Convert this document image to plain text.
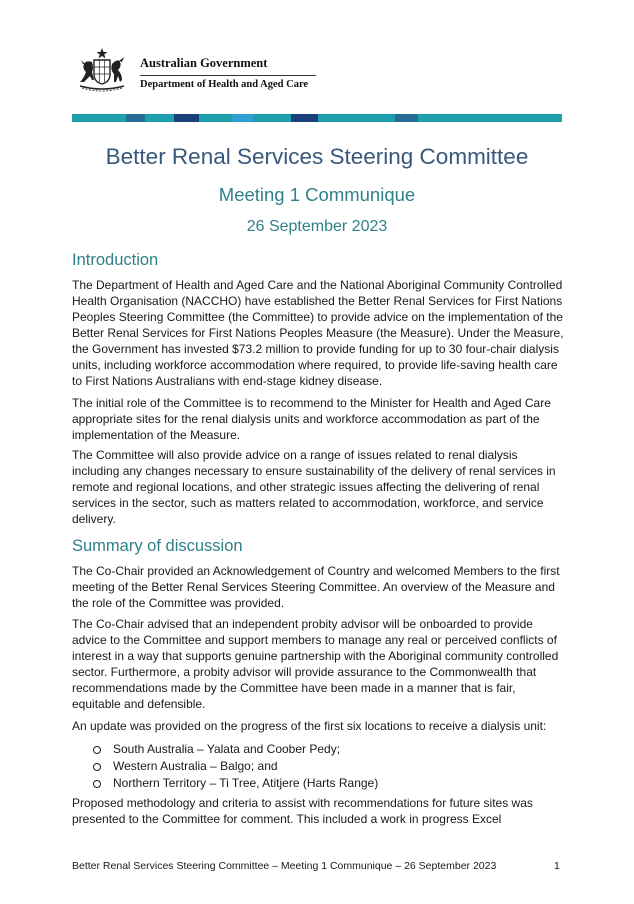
Australian Government
Department of Health and Aged Care
Better Renal Services Steering Committee
Meeting 1 Communique
26 September 2023
Introduction

The Department of Health and Aged Care and the National Aboriginal Community Controlled
Health Organisation (NACCHO) have established the Better Renal Services for First Nations
Peoples Steering Committee (the Committee) to provide advice on the implementation of the
Better Renal Services for First Nations Peoples Measure (the Measure). Under the Measure,
the Government has invested $73.2 million to provide funding for up to 30 four-chair dialysis
units, including workforce accommodation where required, to provide life-saving health care
to First Nations Australians with end-stage kidney disease.

The initial role of the Committee is to recommend to the Minister for Health and Aged Care
appropriate sites for the renal dialysis units and workforce accommodation as part of the
implementation of the Measure.

The Committee will also provide advice on a range of issues related to renal dialysis
including any changes necessary to ensure sustainability of the delivery of renal services in
remote and regional locations, and other strategic issues affecting the delivering of renal
services in the sector, such as matters related to accommodation, workforce, and service
delivery.

Summary of discussion

The Co-Chair provided an Acknowledgement of Country and welcomed Members to the first
meeting of the Better Renal Services Steering Committee. An overview of the Measure and
the role of the Committee was provided.

The Co-Chair advised that an independent probity advisor will be onboarded to provide
advice to the Committee and support members to manage any real or perceived conflicts of
interest in a way that supports genuine partnership with the Aboriginal community controlled
sector. Furthermore, a probity advisor will provide assurance to the Commonwealth that
recommendations made by the Committee have been made in a manner that is fair,
equitable and defensible.

An update was provided on the progress of the first six locations to receive a dialysis unit:

South Australia – Yalata and Coober Pedy;
Western Australia – Balgo; and
Northern Territory – Ti Tree, Atitjere (Harts Range)

Proposed methodology and criteria to assist with recommendations for future sites was
presented to the Committee for comment. This included a work in progress Excel

Better Renal Services Steering Committee – Meeting 1 Communique – 26 September 2023	1
